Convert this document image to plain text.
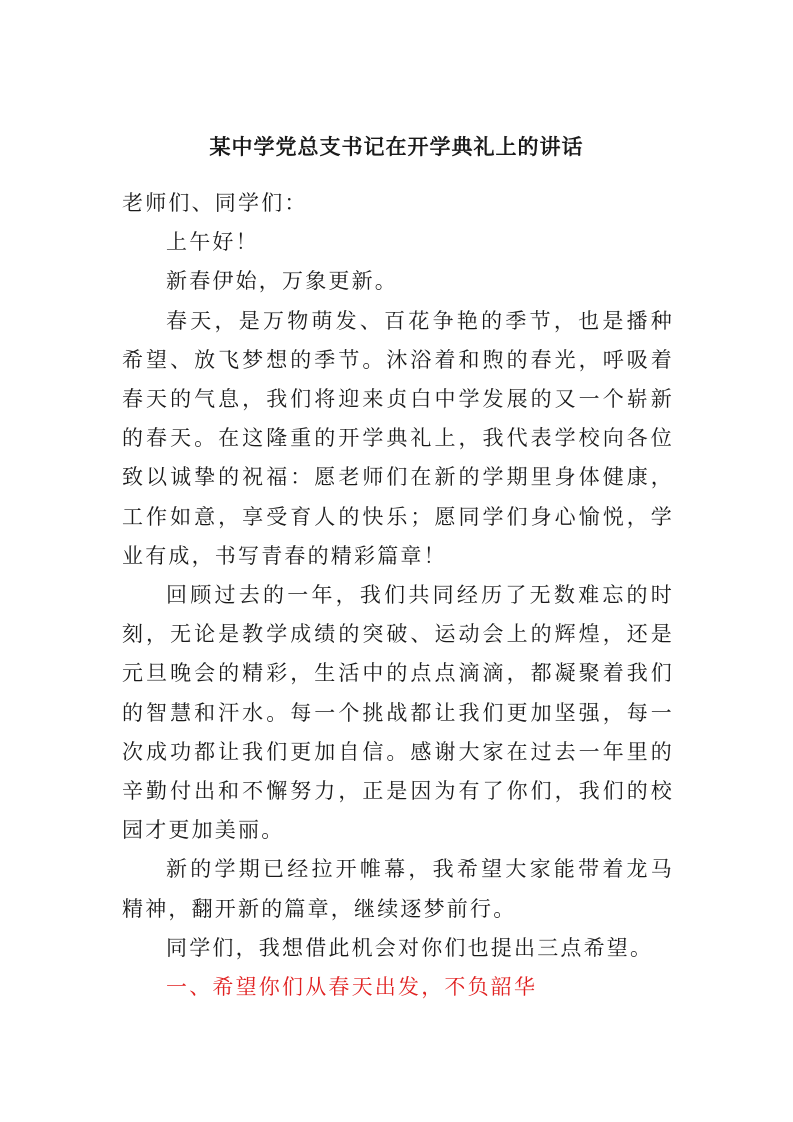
某中学党总支书记在开学典礼上的讲话

老师们、同学们：

上午好！

新春伊始，万象更新。

春天，是万物萌发、百花争艳的季节，也是播种希望、放飞梦想的季节。沐浴着和煦的春光，呼吸着春天的气息，我们将迎来贞白中学发展的又一个崭新的春天。在这隆重的开学典礼上，我代表学校向各位致以诚挚的祝福：愿老师们在新的学期里身体健康，工作如意，享受育人的快乐；愿同学们身心愉悦，学业有成，书写青春的精彩篇章！

回顾过去的一年，我们共同经历了无数难忘的时刻，无论是教学成绩的突破、运动会上的辉煌，还是元旦晚会的精彩，生活中的点点滴滴，都凝聚着我们的智慧和汗水。每一个挑战都让我们更加坚强，每一次成功都让我们更加自信。感谢大家在过去一年里的辛勤付出和不懈努力，正是因为有了你们，我们的校园才更加美丽。

新的学期已经拉开帷幕，我希望大家能带着龙马精神，翻开新的篇章，继续逐梦前行。

同学们，我想借此机会对你们也提出三点希望。

一、希望你们从春天出发，不负韶华
